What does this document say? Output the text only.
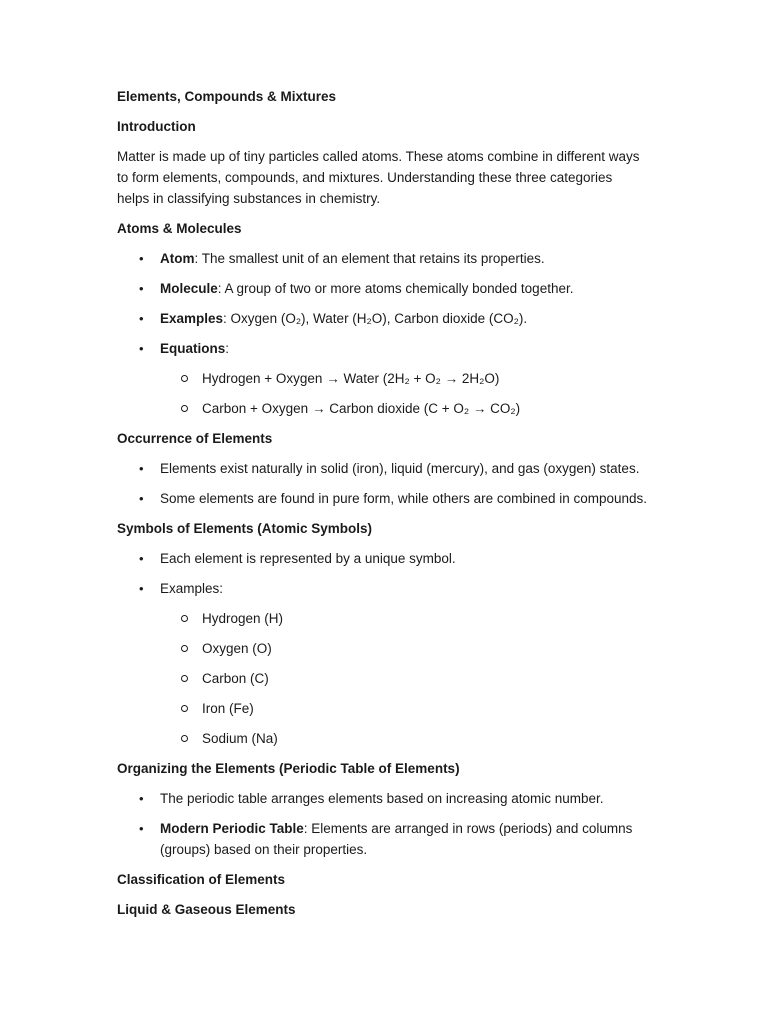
Elements, Compounds & Mixtures
Introduction
Matter is made up of tiny particles called atoms. These atoms combine in different ways to form elements, compounds, and mixtures. Understanding these three categories helps in classifying substances in chemistry.
Atoms & Molecules
• Atom: The smallest unit of an element that retains its properties.
• Molecule: A group of two or more atoms chemically bonded together.
• Examples: Oxygen (O₂), Water (H₂O), Carbon dioxide (CO₂).
• Equations:
Hydrogen + Oxygen → Water (2H₂ + O₂ → 2H₂O)
Carbon + Oxygen → Carbon dioxide (C + O₂ → CO₂)
Occurrence of Elements
• Elements exist naturally in solid (iron), liquid (mercury), and gas (oxygen) states.
• Some elements are found in pure form, while others are combined in compounds.
Symbols of Elements (Atomic Symbols)
• Each element is represented by a unique symbol.
• Examples:
Hydrogen (H)
Oxygen (O)
Carbon (C)
Iron (Fe)
Sodium (Na)
Organizing the Elements (Periodic Table of Elements)
• The periodic table arranges elements based on increasing atomic number.
• Modern Periodic Table: Elements are arranged in rows (periods) and columns (groups) based on their properties.
Classification of Elements
Liquid & Gaseous Elements
